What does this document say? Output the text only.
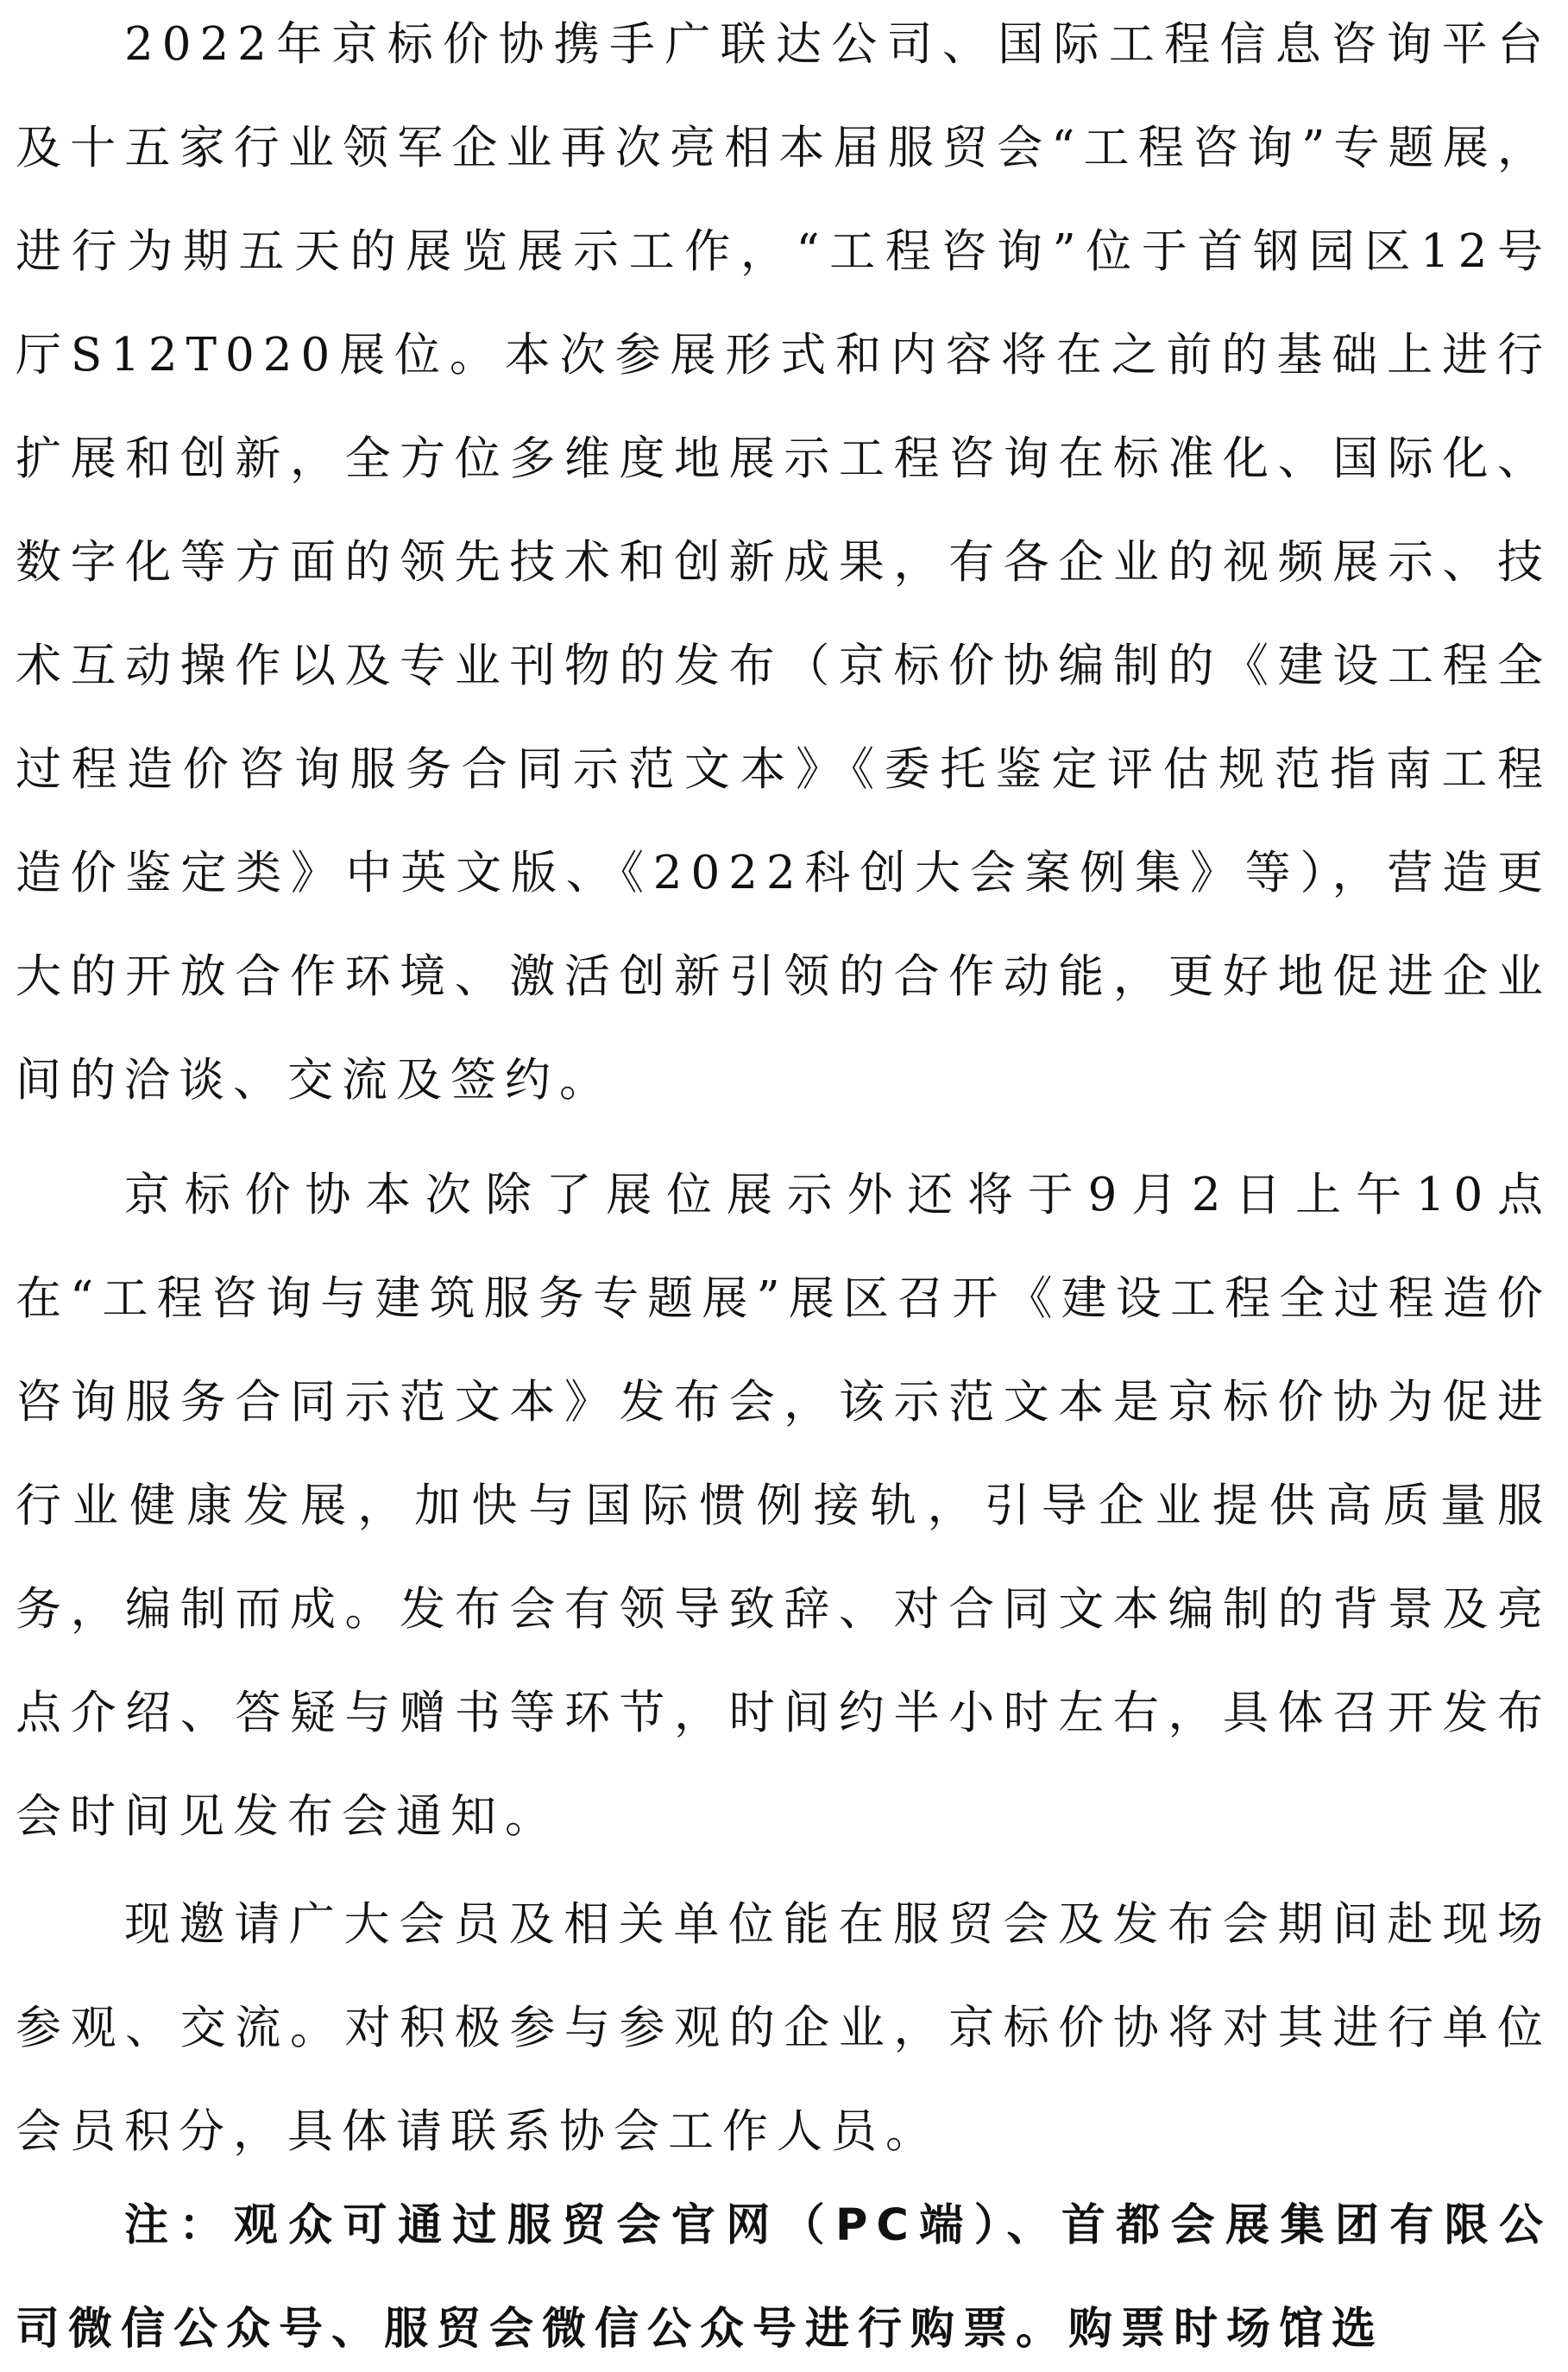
2022年京标价协携手广联达公司、国际工程信息咨询平台及十五家行业领军企业再次亮相本届服贸会“工程咨询”专题展，进行为期五天的展览展示工作，“工程咨询”位于首钢园区12号厅S12T020展位。本次参展形式和内容将在之前的基础上进行扩展和创新，全方位多维度地展示工程咨询在标准化、国际化、数字化等方面的领先技术和创新成果，有各企业的视频展示、技术互动操作以及专业刊物的发布（京标价协编制的《建设工程全过程造价咨询服务合同示范文本》《委托鉴定评估规范指南工程造价鉴定类》中英文版、《2022科创大会案例集》等），营造更大的开放合作环境、激活创新引领的合作动能，更好地促进企业间的洽谈、交流及签约。

京标价协本次除了展位展示外还将于9月2日上午10点在“工程咨询与建筑服务专题展”展区召开《建设工程全过程造价咨询服务合同示范文本》发布会，该示范文本是京标价协为促进行业健康发展，加快与国际惯例接轨，引导企业提供高质量服务，编制而成。发布会有领导致辞、对合同文本编制的背景及亮点介绍、答疑与赠书等环节，时间约半小时左右，具体召开发布会时间见发布会通知。

现邀请广大会员及相关单位能在服贸会及发布会期间赴现场参观、交流。对积极参与参观的企业，京标价协将对其进行单位会员积分，具体请联系协会工作人员。

注：观众可通过服贸会官网（PC端）、首都会展集团有限公司微信公众号、服贸会微信公众号进行购票。购票时场馆选
